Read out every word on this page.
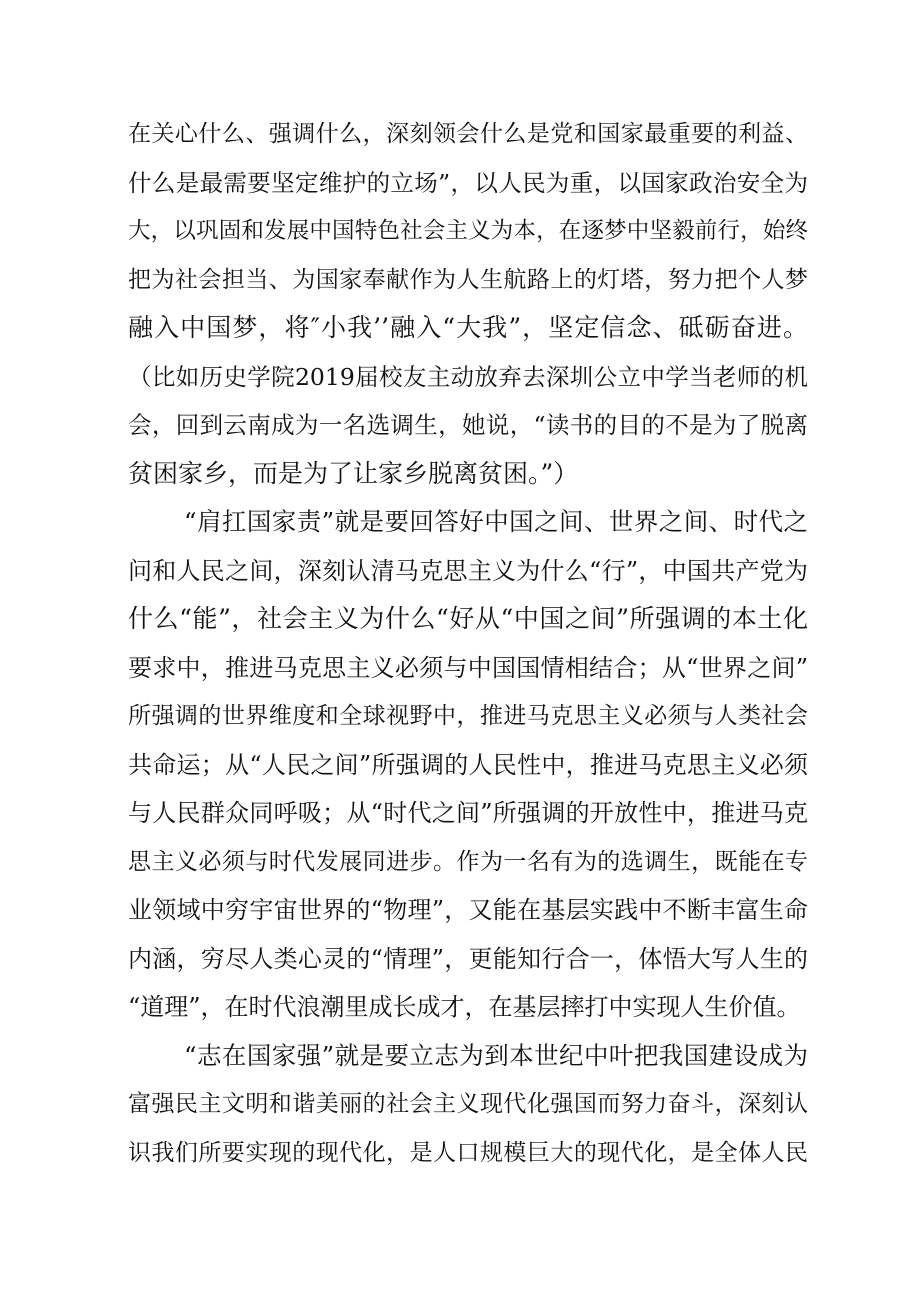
在关心什么、强调什么，深刻领会什么是党和国家最重要的利益、
什么是最需要坚定维护的立场”，以人民为重，以国家政治安全为
大，以巩固和发展中国特色社会主义为本，在逐梦中坚毅前行，始终
把为社会担当、为国家奉献作为人生航路上的灯塔，努力把个人梦
融入中国梦，将″小我’’融入“大我”，坚定信念、砥砺奋进。
（比如历史学院2019届校友主动放弃去深圳公立中学当老师的机
会，回到云南成为一名选调生，她说，“读书的目的不是为了脱离
贫困家乡，而是为了让家乡脱离贫困。”）
“肩扛国家责”就是要回答好中国之间、世界之间、时代之
问和人民之间，深刻认清马克思主义为什么“行”，中国共产党为
什么“能”，社会主义为什么“好从“中国之间”所强调的本土化
要求中，推进马克思主义必须与中国国情相结合；从“世界之间”
所强调的世界维度和全球视野中，推进马克思主义必须与人类社会
共命运；从“人民之间”所强调的人民性中，推进马克思主义必须
与人民群众同呼吸；从“时代之间”所强调的开放性中，推进马克
思主义必须与时代发展同进步。作为一名有为的选调生，既能在专
业领域中穷宇宙世界的“物理”，又能在基层实践中不断丰富生命
内涵，穷尽人类心灵的“情理”，更能知行合一，体悟大写人生的
“道理”，在时代浪潮里成长成才，在基层摔打中实现人生价值。
“志在国家强”就是要立志为到本世纪中叶把我国建设成为
富强民主文明和谐美丽的社会主义现代化强国而努力奋斗，深刻认
识我们所要实现的现代化，是人口规模巨大的现代化，是全体人民
